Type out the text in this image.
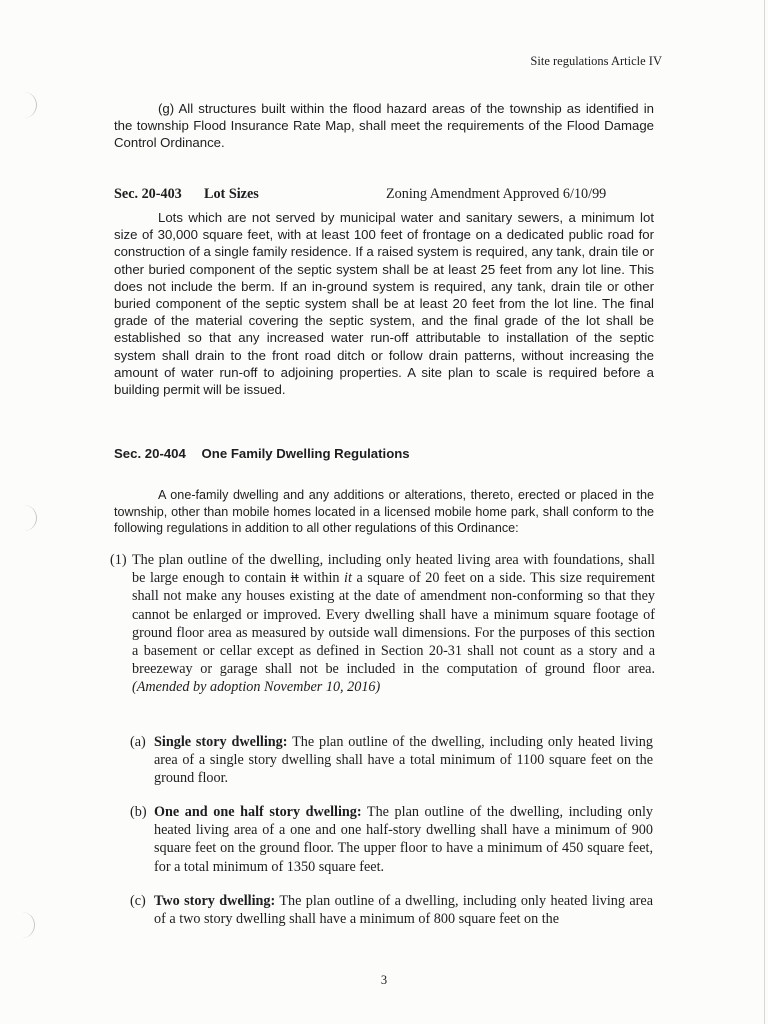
Site regulations Article IV
(g) All structures built within the flood hazard areas of the township as identified in the township Flood Insurance Rate Map, shall meet the requirements of the Flood Damage Control Ordinance.
Sec. 20-403	Lot Sizes	Zoning Amendment Approved 6/10/99
Lots which are not served by municipal water and sanitary sewers, a minimum lot size of 30,000 square feet, with at least 100 feet of frontage on a dedicated public road for construction of a single family residence. If a raised system is required, any tank, drain tile or other buried component of the septic system shall be at least 25 feet from any lot line. This does not include the berm. If an in-ground system is required, any tank, drain tile or other buried component of the septic system shall be at least 20 feet from the lot line. The final grade of the material covering the septic system, and the final grade of the lot shall be established so that any increased water run-off attributable to installation of the septic system shall drain to the front road ditch or follow drain patterns, without increasing the amount of water run-off to adjoining properties. A site plan to scale is required before a building permit will be issued.
Sec. 20-404 One Family Dwelling Regulations
A one-family dwelling and any additions or alterations, thereto, erected or placed in the township, other than mobile homes located in a licensed mobile home park, shall conform to the following regulations in addition to all other regulations of this Ordinance:
(1) The plan outline of the dwelling, including only heated living area with foundations, shall be large enough to contain it within it a square of 20 feet on a side. This size requirement shall not make any houses existing at the date of amendment non-conforming so that they cannot be enlarged or improved. Every dwelling shall have a minimum square footage of ground floor area as measured by outside wall dimensions. For the purposes of this section a basement or cellar except as defined in Section 20-31 shall not count as a story and a breezeway or garage shall not be included in the computation of ground floor area. (Amended by adoption November 10, 2016)
(a) Single story dwelling: The plan outline of the dwelling, including only heated living area of a single story dwelling shall have a total minimum of 1100 square feet on the ground floor.
(b) One and one half story dwelling: The plan outline of the dwelling, including only heated living area of a one and one half-story dwelling shall have a minimum of 900 square feet on the ground floor. The upper floor to have a minimum of 450 square feet, for a total minimum of 1350 square feet.
(c) Two story dwelling: The plan outline of a dwelling, including only heated living area of a two story dwelling shall have a minimum of 800 square feet on the
3
